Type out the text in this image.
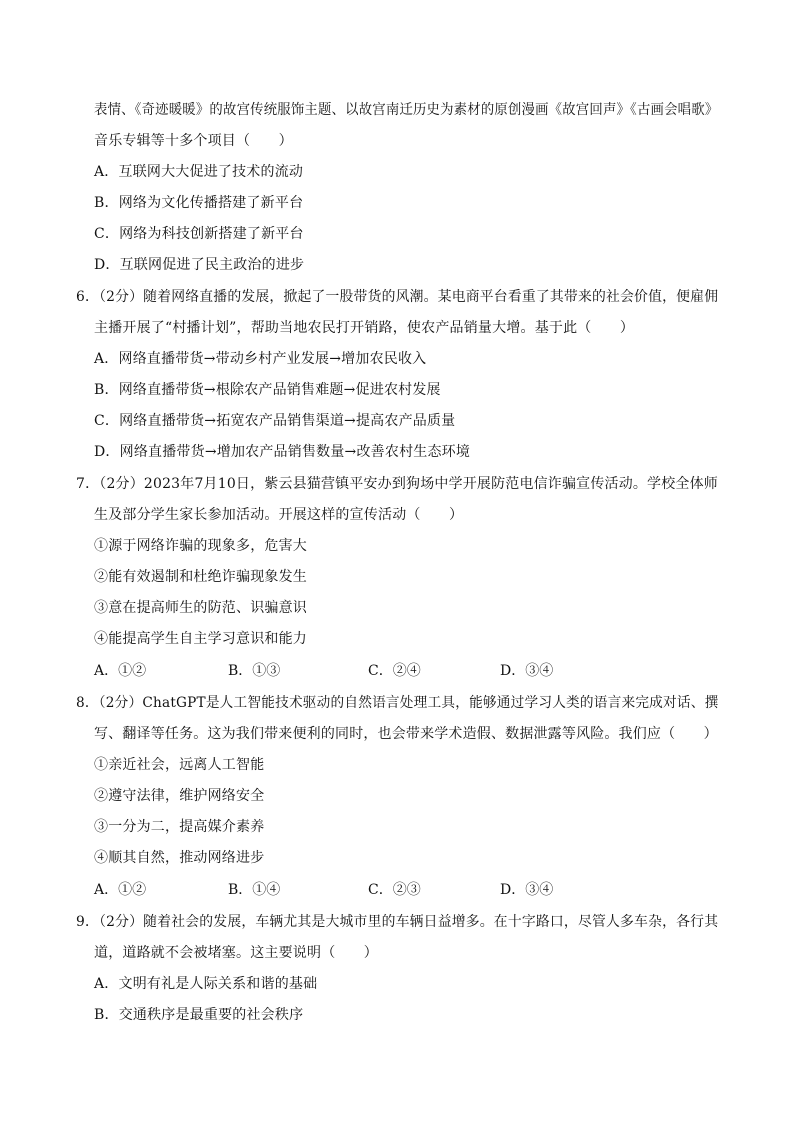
表情、《奇迹暖暖》的故宫传统服饰主题、以故宫南迁历史为素材的原创漫画《故宫回声》《古画会唱歌》
音乐专辑等十多个项目（　　）
A．互联网大大促进了技术的流动
B．网络为文化传播搭建了新平台
C．网络为科技创新搭建了新平台
D．互联网促进了民主政治的进步
6．（2分）随着网络直播的发展，掀起了一股带货的风潮。某电商平台看重了其带来的社会价值，便雇佣
主播开展了“村播计划”，帮助当地农民打开销路，使农产品销量大增。基于此（　　）
A．网络直播带货→带动乡村产业发展→增加农民收入
B．网络直播带货→根除农产品销售难题→促进农村发展
C．网络直播带货→拓宽农产品销售渠道→提高农产品质量
D．网络直播带货→增加农产品销售数量→改善农村生态环境
7．（2分）2023年7月10日，紫云县猫营镇平安办到狗场中学开展防范电信诈骗宣传活动。学校全体师
生及部分学生家长参加活动。开展这样的宣传活动（　　）
①源于网络诈骗的现象多，危害大
②能有效遏制和杜绝诈骗现象发生
③意在提高师生的防范、识骗意识
④能提高学生自主学习意识和能力
A．①②	B．①③	C．②④	D．③④
8．（2分）ChatGPT是人工智能技术驱动的自然语言处理工具，能够通过学习人类的语言来完成对话、撰
写、翻译等任务。这为我们带来便利的同时，也会带来学术造假、数据泄露等风险。我们应（　　）
①亲近社会，远离人工智能
②遵守法律，维护网络安全
③一分为二，提高媒介素养
④顺其自然，推动网络进步
A．①②	B．①④	C．②③	D．③④
9．（2分）随着社会的发展，车辆尤其是大城市里的车辆日益增多。在十字路口，尽管人多车杂，各行其
道，道路就不会被堵塞。这主要说明（　　）
A．文明有礼是人际关系和谐的基础
B．交通秩序是最重要的社会秩序
